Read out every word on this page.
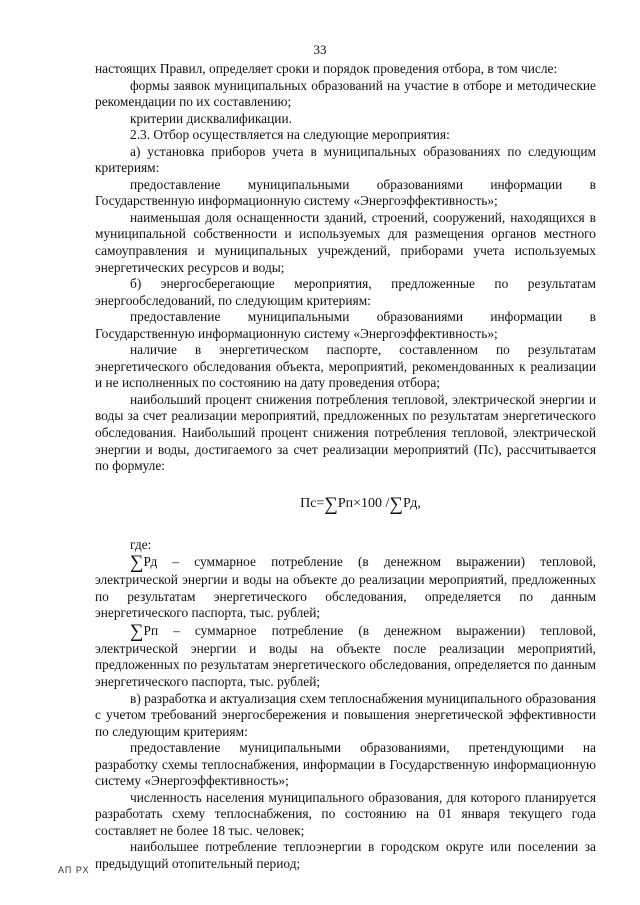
33

настоящих Правил, определяет сроки и порядок проведения отбора, в том числе:

формы заявок муниципальных образований на участие в отборе и методические рекомендации по их составлению;

критерии дисквалификации.

2.3. Отбор осуществляется на следующие мероприятия:

а) установка приборов учета в муниципальных образованиях по следующим критериям:

предоставление муниципальными образованиями информации в Государственную информационную систему «Энергоэффективность»;

наименьшая доля оснащенности зданий, строений, сооружений, находящихся в муниципальной собственности и используемых для размещения органов местного самоуправления и муниципальных учреждений, приборами учета используемых энергетических ресурсов и воды;

б) энергосберегающие мероприятия, предложенные по результатам энергообследований, по следующим критериям:

предоставление муниципальными образованиями информации в Государственную информационную систему «Энергоэффективность»;

наличие в энергетическом паспорте, составленном по результатам энергетического обследования объекта, мероприятий, рекомендованных к реализации и не исполненных по состоянию на дату проведения отбора;

наибольший процент снижения потребления тепловой, электрической энергии и воды за счет реализации мероприятий, предложенных по результатам энергетического обследования. Наибольший процент снижения потребления тепловой, электрической энергии и воды, достигаемого за счет реализации мероприятий (Пс), рассчитывается по формуле:

Пс= ∑ Рп×100 / ∑ Рд,

где:

∑Рд – суммарное потребление (в денежном выражении) тепловой, электрической энергии и воды на объекте до реализации мероприятий, предложенных по результатам энергетического обследования, определяется по данным энергетического паспорта, тыс. рублей;

∑Рп – суммарное потребление (в денежном выражении) тепловой, электрической энергии и воды на объекте после реализации мероприятий, предложенных по результатам энергетического обследования, определяется по данным энергетического паспорта, тыс. рублей;

в) разработка и актуализация схем теплоснабжения муниципального образования с учетом требований энергосбережения и повышения энергетической эффективности по следующим критериям:

предоставление муниципальными образованиями, претендующими на разработку схемы теплоснабжения, информации в Государственную информационную систему «Энергоэффективность»;

численность населения муниципального образования, для которого планируется разработать схему теплоснабжения, по состоянию на 01 января текущего года составляет не более 18 тыс. человек;

наибольшее потребление теплоэнергии в городском округе или поселении за предыдущий отопительный период;

АП РХ
